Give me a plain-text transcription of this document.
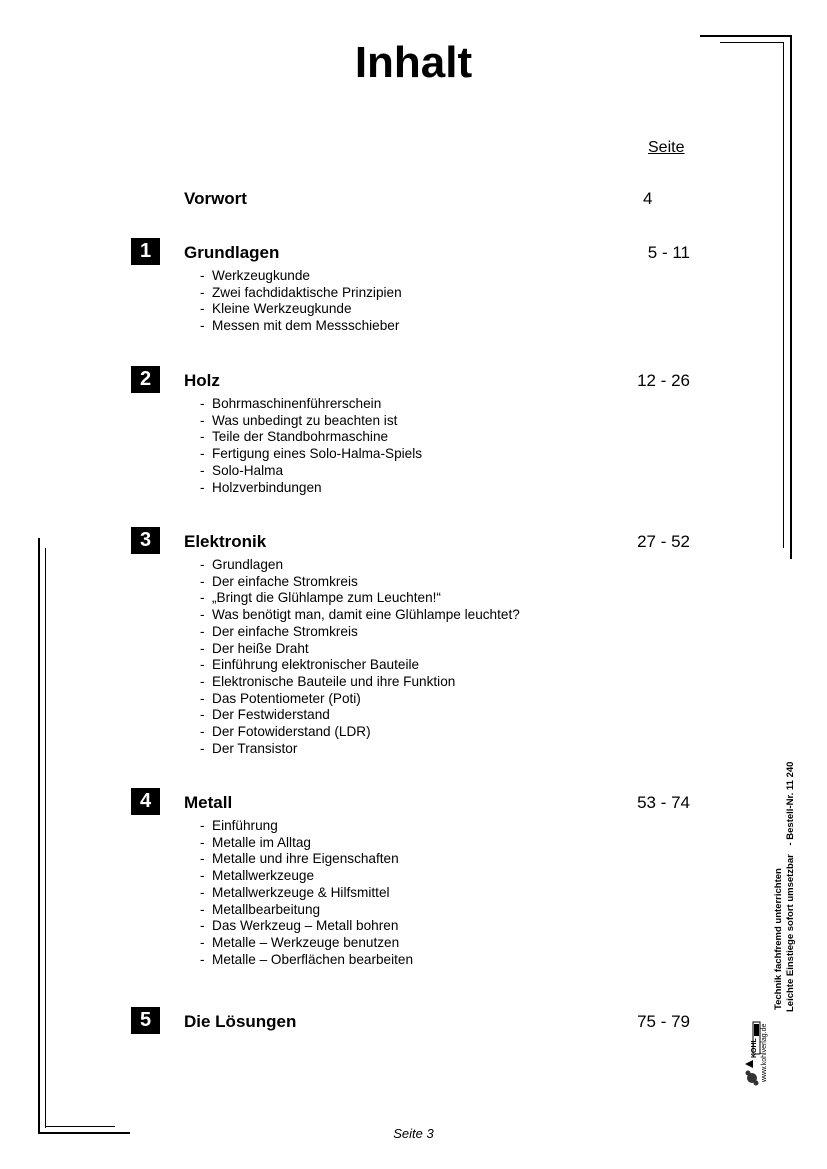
Inhalt
Seite
Vorwort	4
1	Grundlagen	5 - 11
- Werkzeugkunde
- Zwei fachdidaktische Prinzipien
- Kleine Werkzeugkunde
- Messen mit dem Messschieber
2	Holz	12 - 26
- Bohrmaschinenführerschein
- Was unbedingt zu beachten ist
- Teile der Standbohrmaschine
- Fertigung eines Solo-Halma-Spiels
- Solo-Halma
- Holzverbindungen
3	Elektronik	27 - 52
- Grundlagen
- Der einfache Stromkreis
- „Bringt die Glühlampe zum Leuchten!“
- Was benötigt man, damit eine Glühlampe leuchtet?
- Der einfache Stromkreis
- Der heiße Draht
- Einführung elektronischer Bauteile
- Elektronische Bauteile und ihre Funktion
- Das Potentiometer (Poti)
- Der Festwiderstand
- Der Fotowiderstand (LDR)
- Der Transistor
4	Metall	53 - 74
- Einführung
- Metalle im Alltag
- Metalle und ihre Eigenschaften
- Metallwerkzeuge
- Metallwerkzeuge & Hilfsmittel
- Metallbearbeitung
- Das Werkzeug – Metall bohren
- Metalle – Werkzeuge benutzen
- Metalle – Oberflächen bearbeiten
5	Die Lösungen	75 - 79
Technik fachfremd unterrichten Leichte Einstiege sofort umsetzbar - Bestell-Nr. 11 240
www.kohlverlag.de
KOHL
Seite 3
